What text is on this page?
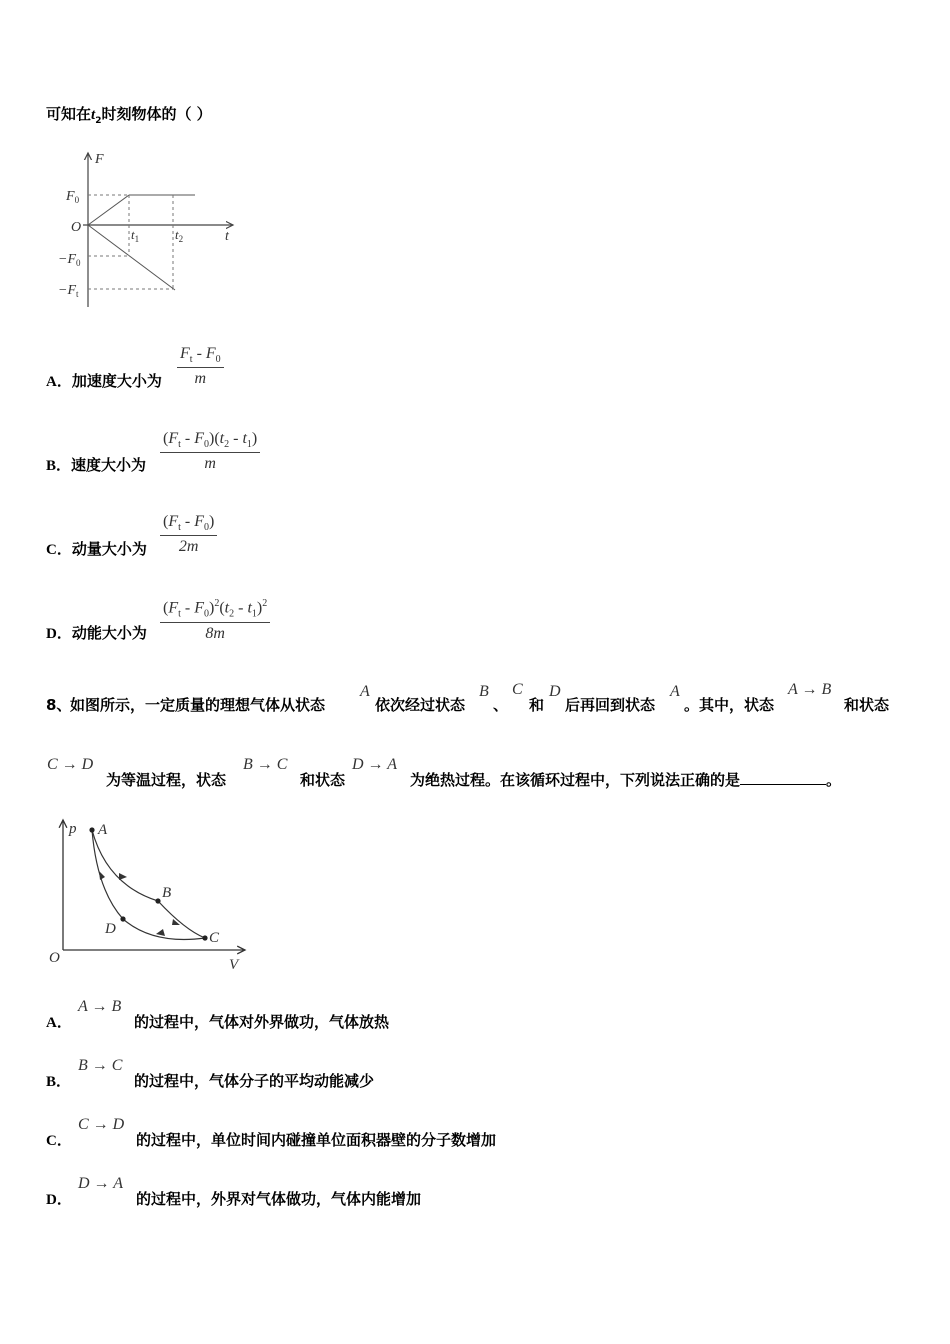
可知在$t_2$时刻物体的（ ）
F
t
O
$F_0$
$-F_0$
$-F_t$
$t_1$	$t_2$
A．加速度大小为 $\frac{F_t - F_0}{m}$
B．速度大小为 $\frac{(F_t - F_0)(t_2 - t_1)}{m}$
C．动量大小为 $\frac{(F_t - F_0)}{2m}$
D．动能大小为 $\frac{(F_t - F_0)^2(t_2 - t_1)^2}{8m}$
8、
如图所示，一定质量的理想气体从状态
A
依次经过状态
B
、
C
和
D
后再回到状态
A
。其中，状态
A → B
和状态
C → D
为等温过程，状态
B → C
和状态
D → A
为绝热过程。在该循环过程中，下列说法正确的是	。
p
V
O
A
B
C
D
A．
A → B
的过程中，气体对外界做功，气体放热
B．
B → C
的过程中，气体分子的平均动能减少
C．
C → D
的过程中，单位时间内碰撞单位面积器壁的分子数增加
D．
D → A
的过程中，外界对气体做功，气体内能增加
